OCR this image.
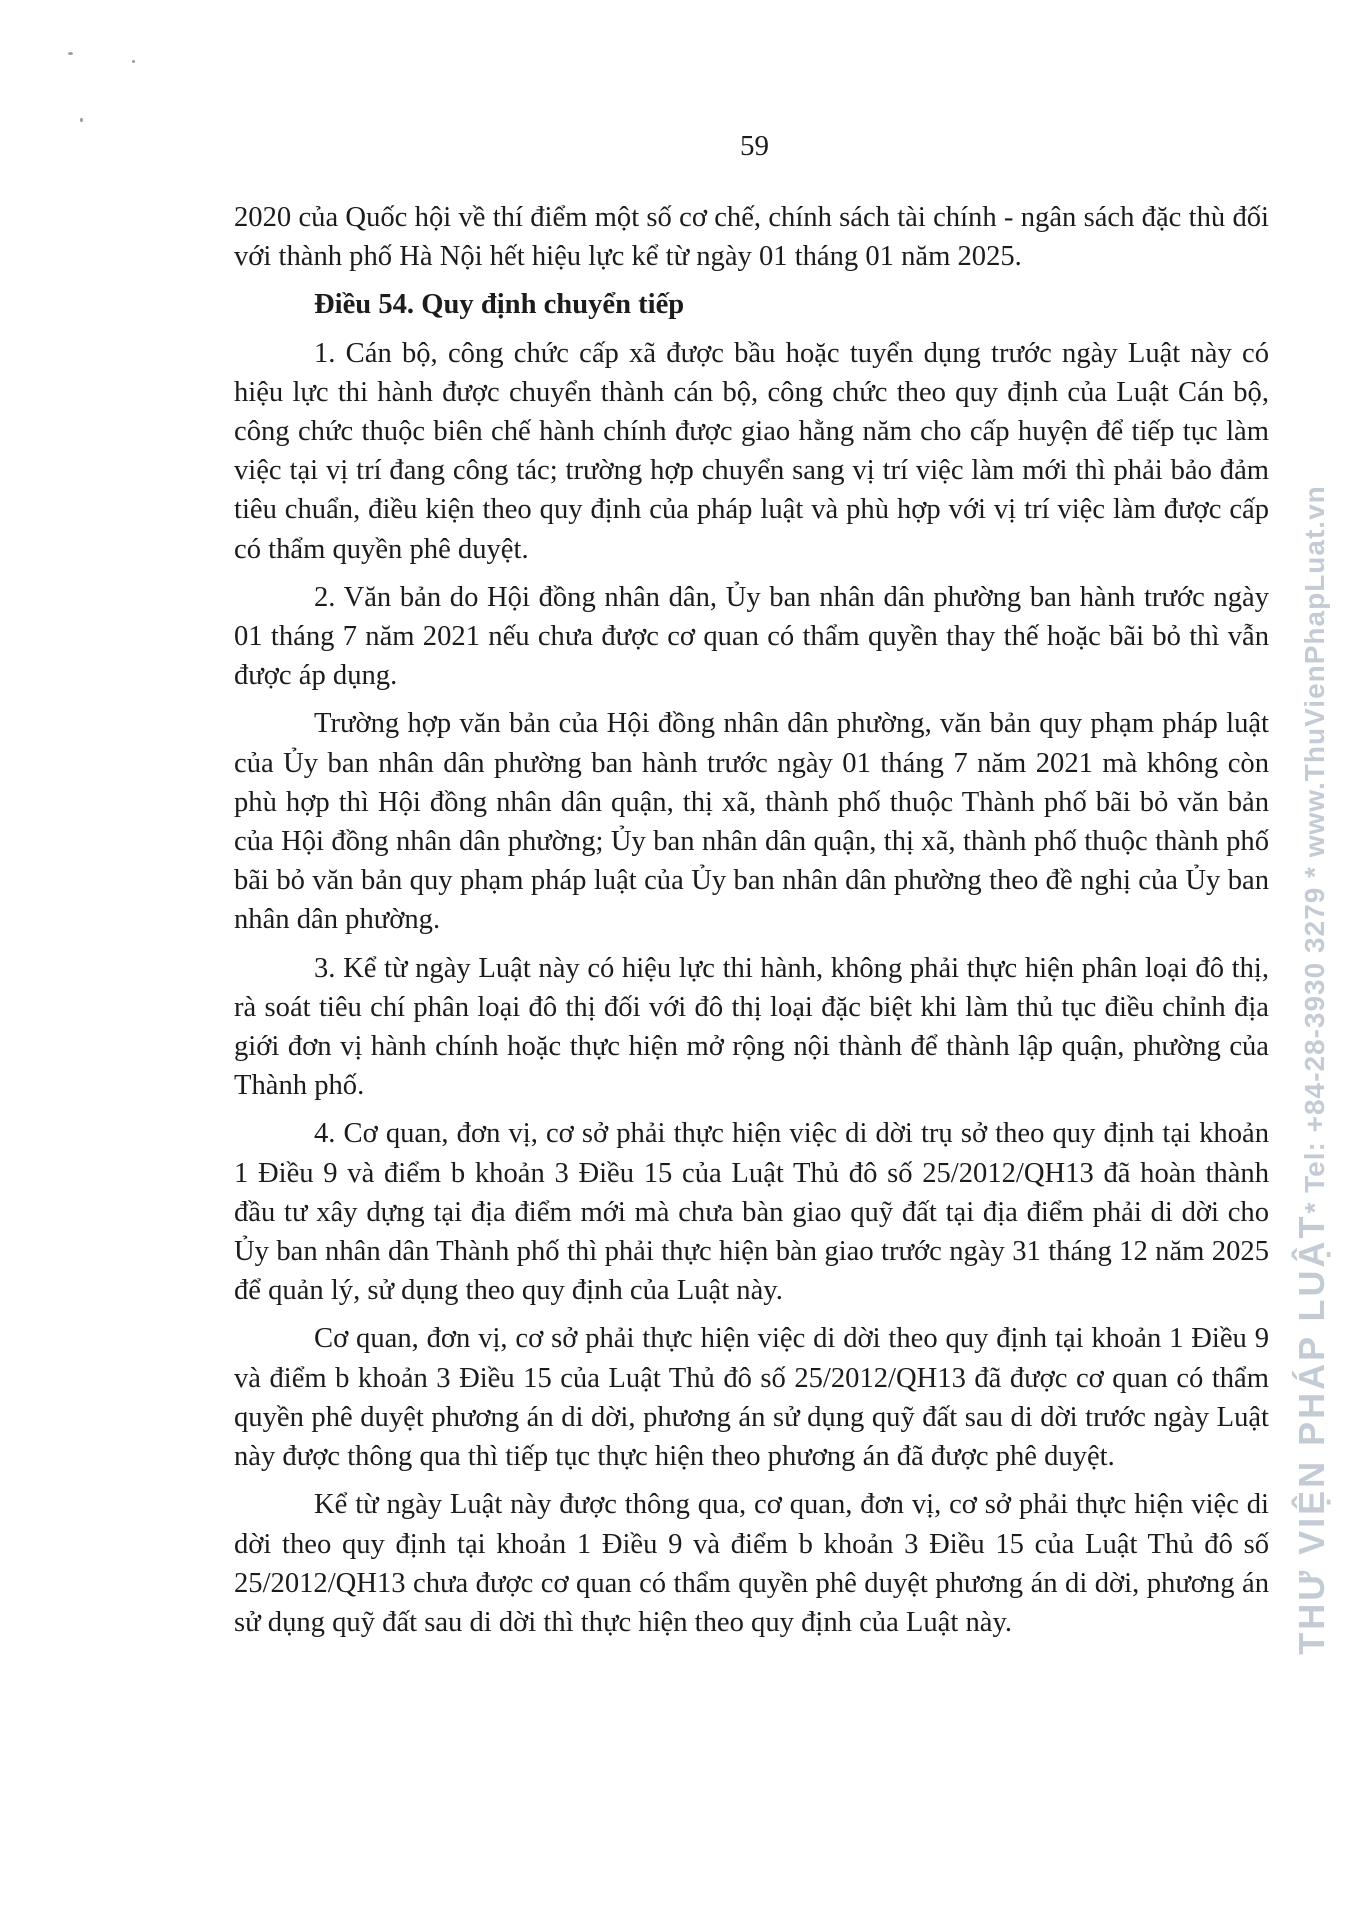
59

2020 của Quốc hội về thí điểm một số cơ chế, chính sách tài chính - ngân sách đặc thù đối với thành phố Hà Nội hết hiệu lực kể từ ngày 01 tháng 01 năm 2025.

Điều 54. Quy định chuyển tiếp

1. Cán bộ, công chức cấp xã được bầu hoặc tuyển dụng trước ngày Luật này có hiệu lực thi hành được chuyển thành cán bộ, công chức theo quy định của Luật Cán bộ, công chức thuộc biên chế hành chính được giao hằng năm cho cấp huyện để tiếp tục làm việc tại vị trí đang công tác; trường hợp chuyển sang vị trí việc làm mới thì phải bảo đảm tiêu chuẩn, điều kiện theo quy định của pháp luật và phù hợp với vị trí việc làm được cấp có thẩm quyền phê duyệt.

2. Văn bản do Hội đồng nhân dân, Ủy ban nhân dân phường ban hành trước ngày 01 tháng 7 năm 2021 nếu chưa được cơ quan có thẩm quyền thay thế hoặc bãi bỏ thì vẫn được áp dụng.

Trường hợp văn bản của Hội đồng nhân dân phường, văn bản quy phạm pháp luật của Ủy ban nhân dân phường ban hành trước ngày 01 tháng 7 năm 2021 mà không còn phù hợp thì Hội đồng nhân dân quận, thị xã, thành phố thuộc Thành phố bãi bỏ văn bản của Hội đồng nhân dân phường; Ủy ban nhân dân quận, thị xã, thành phố thuộc thành phố bãi bỏ văn bản quy phạm pháp luật của Ủy ban nhân dân phường theo đề nghị của Ủy ban nhân dân phường.

3. Kể từ ngày Luật này có hiệu lực thi hành, không phải thực hiện phân loại đô thị, rà soát tiêu chí phân loại đô thị đối với đô thị loại đặc biệt khi làm thủ tục điều chỉnh địa giới đơn vị hành chính hoặc thực hiện mở rộng nội thành để thành lập quận, phường của Thành phố.

4. Cơ quan, đơn vị, cơ sở phải thực hiện việc di dời trụ sở theo quy định tại khoản 1 Điều 9 và điểm b khoản 3 Điều 15 của Luật Thủ đô số 25/2012/QH13 đã hoàn thành đầu tư xây dựng tại địa điểm mới mà chưa bàn giao quỹ đất tại địa điểm phải di dời cho Ủy ban nhân dân Thành phố thì phải thực hiện bàn giao trước ngày 31 tháng 12 năm 2025 để quản lý, sử dụng theo quy định của Luật này.

Cơ quan, đơn vị, cơ sở phải thực hiện việc di dời theo quy định tại khoản 1 Điều 9 và điểm b khoản 3 Điều 15 của Luật Thủ đô số 25/2012/QH13 đã được cơ quan có thẩm quyền phê duyệt phương án di dời, phương án sử dụng quỹ đất sau di dời trước ngày Luật này được thông qua thì tiếp tục thực hiện theo phương án đã được phê duyệt.

Kể từ ngày Luật này được thông qua, cơ quan, đơn vị, cơ sở phải thực hiện việc di dời theo quy định tại khoản 1 Điều 9 và điểm b khoản 3 Điều 15 của Luật Thủ đô số 25/2012/QH13 chưa được cơ quan có thẩm quyền phê duyệt phương án di dời, phương án sử dụng quỹ đất sau di dời thì thực hiện theo quy định của Luật này.	THƯ VIỆN PHÁP LUẬT* Tel: +84-28-3930 3279 * www.ThuVienPhapLuat.vn
